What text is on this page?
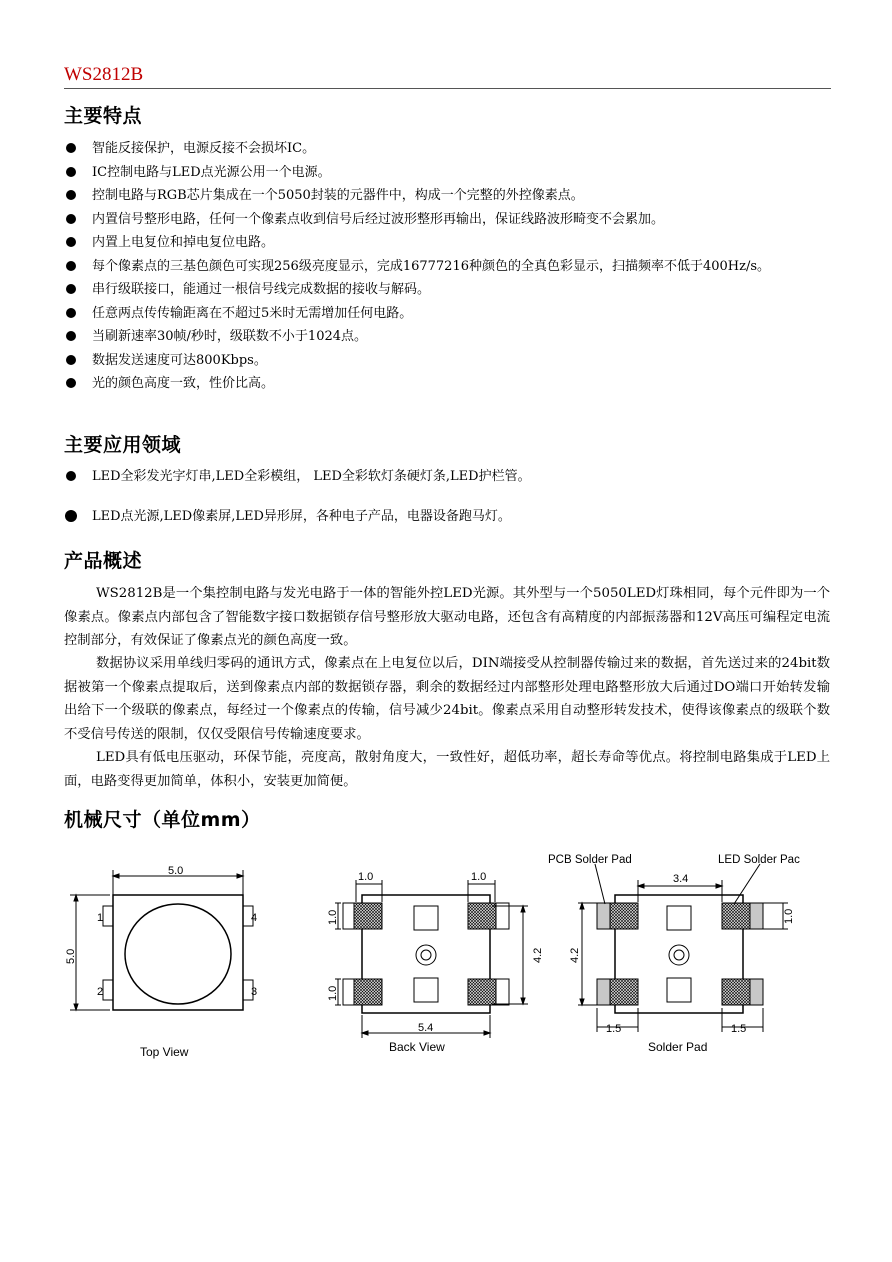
WS2812B
主要特点
智能反接保护，电源反接不会损坏IC。
IC控制电路与LED点光源公用一个电源。
控制电路与RGB芯片集成在一个5050封装的元器件中，构成一个完整的外控像素点。
内置信号整形电路，任何一个像素点收到信号后经过波形整形再输出，保证线路波形畸变不会累加。
内置上电复位和掉电复位电路。
每个像素点的三基色颜色可实现256级亮度显示，完成16777216种颜色的全真色彩显示，扫描频率不低于400Hz/s。
串行级联接口，能通过一根信号线完成数据的接收与解码。
任意两点传传输距离在不超过5米时无需增加任何电路。
当刷新速率30帧/秒时，级联数不小于1024点。
数据发送速度可达800Kbps。
光的颜色高度一致，性价比高。
主要应用领域
LED全彩发光字灯串,LED全彩模组， LED全彩软灯条硬灯条,LED护栏管。
LED点光源,LED像素屏,LED异形屏，各种电子产品，电器设备跑马灯。
产品概述

WS2812B是一个集控制电路与发光电路于一体的智能外控LED光源。其外型与一个5050LED灯珠相同，每个元件即为一个像素点。像素点内部包含了智能数字接口数据锁存信号整形放大驱动电路，还包含有高精度的内部振荡器和12V高压可编程定电流控制部分，有效保证了像素点光的颜色高度一致。

数据协议采用单线归零码的通讯方式，像素点在上电复位以后，DIN端接受从控制器传输过来的数据，首先送过来的24bit数据被第一个像素点提取后，送到像素点内部的数据锁存器，剩余的数据经过内部整形处理电路整形放大后通过DO端口开始转发输出给下一个级联的像素点，每经过一个像素点的传输，信号减少24bit。像素点采用自动整形转发技术，使得该像素点的级联个数不受信号传送的限制，仅仅受限信号传输速度要求。

LED具有低电压驱动，环保节能，亮度高，散射角度大，一致性好，超低功率，超长寿命等优点。将控制电路集成于LED上面，电路变得更加简单，体积小，安装更加简便。

机械尺寸（单位mm）
5.0
5.0
1
2	3
4
Top View
1.0	1.0
1.0
1.0
4.2
5.4
Back View
PCB Solder Pad	LED Solder Pac
3.4
4.2
1.0
1.5	1.5
Solder Pad
